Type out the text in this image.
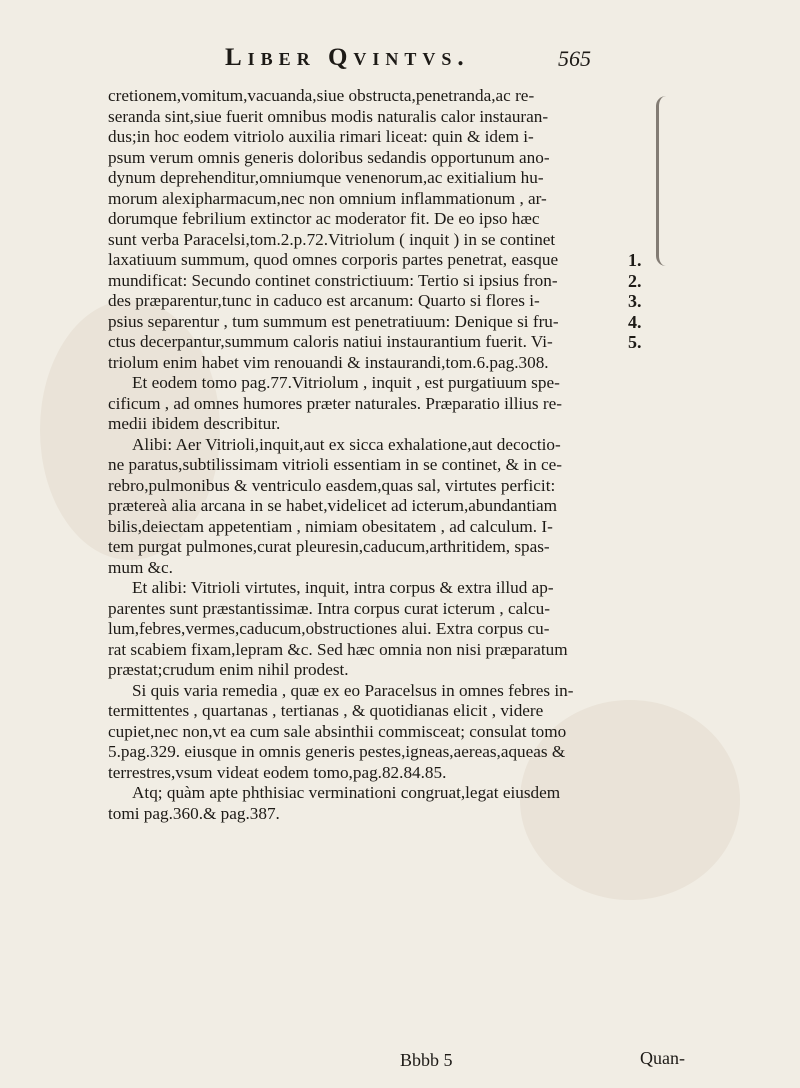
Liber Qvintvs.	565
cretionem,vomitum,vacuanda,siue obstructa,penetranda,ac re-
seranda sint,siue fuerit omnibus modis naturalis calor instauran-
dus;in hoc eodem vitriolo auxilia rimari liceat: quin & idem i-
psum verum omnis generis doloribus sedandis opportunum ano-
dynum deprehenditur,omniumque venenorum,ac exitialium hu-
morum alexipharmacum,nec non omnium inflammationum , ar-
dorumque febrilium extinctor ac moderator fit. De eo ipso hæc
sunt verba Paracelsi,tom.2.p.72.Vitriolum ( inquit ) in se continet
laxatiuum summum, quod omnes corporis partes penetrat, easque
mundificat: Secundo continet constrictiuum: Tertio si ipsius fron-
des præparentur,tunc in caduco est arcanum: Quarto si flores i-
psius separentur , tum summum est penetratiuum: Denique si fru-
ctus decerpantur,summum caloris natiui instaurantium fuerit. Vi-
triolum enim habet vim renouandi & instaurandi,tom.6.pag.308.
Et eodem tomo pag.77.Vitriolum , inquit , est purgatiuum spe-
cificum , ad omnes humores præter naturales. Præparatio illius re-
medii ibidem describitur.
Alibi: Aer Vitrioli,inquit,aut ex sicca exhalatione,aut decoctio-
ne paratus,subtilissimam vitrioli essentiam in se continet, & in ce-
rebro,pulmonibus & ventriculo easdem,quas sal, virtutes perficit:
prætereà alia arcana in se habet,videlicet ad icterum,abundantiam
bilis,deiectam appetentiam , nimiam obesitatem , ad calculum. I-
tem purgat pulmones,curat pleuresin,caducum,arthritidem, spas-
mum &c.
Et alibi: Vitrioli virtutes, inquit, intra corpus & extra illud ap-
parentes sunt præstantissimæ. Intra corpus curat icterum , calcu-
lum,febres,vermes,caducum,obstructiones alui. Extra corpus cu-
rat scabiem fixam,lepram &c. Sed hæc omnia non nisi præparatum
præstat;crudum enim nihil prodest.
Si quis varia remedia , quæ ex eo Paracelsus in omnes febres in-
termittentes , quartanas , tertianas , & quotidianas elicit , videre
cupiet,nec non,vt ea cum sale absinthii commisceat; consulat tomo
5.pag.329. eiusque in omnis generis pestes,igneas,aereas,aqueas &
terrestres,vsum videat eodem tomo,pag.82.84.85.
Atq; quàm apte phthisiac verminationi congruat,legat eiusdem
tomi pag.360.& pag.387.
1.
2.
3.
4.
5.
Bbbb 5	Quan-
